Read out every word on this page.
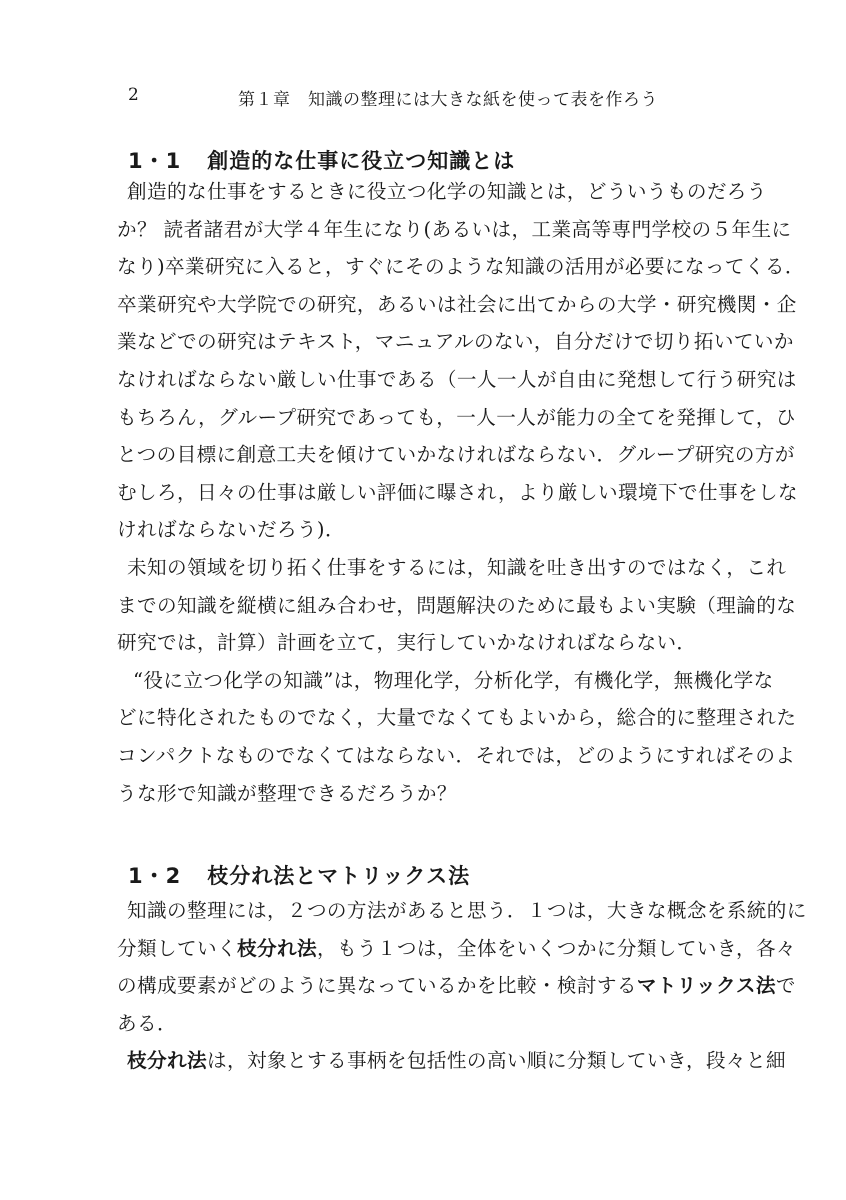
2	第１章　知識の整理には大きな紙を使って表を作ろう
1・1 創造的な仕事に役立つ知識とは
創造的な仕事をするときに役立つ化学の知識とは，どういうものだろう
か？ 読者諸君が大学４年生になり(あるいは，工業高等専門学校の５年生に
なり)卒業研究に入ると，すぐにそのような知識の活用が必要になってくる．
卒業研究や大学院での研究，あるいは社会に出てからの大学・研究機関・企
業などでの研究はテキスト，マニュアルのない，自分だけで切り拓いていか
なければならない厳しい仕事である（一人一人が自由に発想して行う研究は
もちろん，グループ研究であっても，一人一人が能力の全てを発揮して，ひ
とつの目標に創意工夫を傾けていかなければならない．グループ研究の方が
むしろ，日々の仕事は厳しい評価に曝され，より厳しい環境下で仕事をしな
ければならないだろう)．
未知の領域を切り拓く仕事をするには，知識を吐き出すのではなく，これ
までの知識を縦横に組み合わせ，問題解決のために最もよい実験（理論的な
研究では，計算）計画を立て，実行していかなければならない．
“役に立つ化学の知識”は，物理化学，分析化学，有機化学，無機化学な
どに特化されたものでなく，大量でなくてもよいから，総合的に整理された
コンパクトなものでなくてはならない．それでは，どのようにすればそのよ
うな形で知識が整理できるだろうか？
1・2 枝分れ法とマトリックス法
知識の整理には，２つの方法があると思う．１つは，大きな概念を系統的に
分類していく枝分れ法，もう１つは，全体をいくつかに分類していき，各々
の構成要素がどのように異なっているかを比較・検討するマトリックス法で
ある．
枝分れ法は，対象とする事柄を包括性の高い順に分類していき，段々と細
